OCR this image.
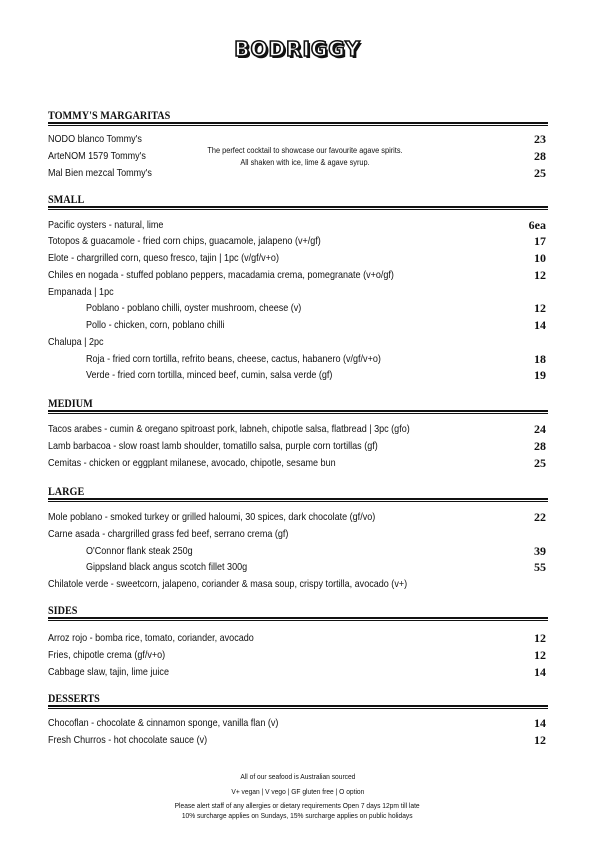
BODRIGGY
TOMMY'S MARGARITAS
NODO blanco Tommy's	23
ArteNOM 1579 Tommy's	28
Mal Bien mezcal Tommy's	25
The perfect cocktail to showcase our favourite agave spirits.
All shaken with ice, lime & agave syrup.
SMALL
Pacific oysters - natural, lime	6ea
Totopos & guacamole - fried corn chips, guacamole, jalapeno (v+/gf)	17
Elote - chargrilled corn, queso fresco, tajin | 1pc (v/gf/v+o)	10
Chiles en nogada - stuffed poblano peppers, macadamia crema, pomegranate (v+o/gf)	12
Empanada | 1pc
Poblano - poblano chilli, oyster mushroom, cheese (v)	12
Pollo - chicken, corn, poblano chilli	14
Chalupa | 2pc
Roja - fried corn tortilla, refrito beans, cheese, cactus, habanero (v/gf/v+o)	18
Verde - fried corn tortilla, minced beef, cumin, salsa verde (gf)	19
MEDIUM
Tacos arabes - cumin & oregano spitroast pork, labneh, chipotle salsa, flatbread | 3pc (gfo)	24
Lamb barbacoa - slow roast lamb shoulder, tomatillo salsa, purple corn tortillas (gf)	28
Cemitas - chicken or eggplant milanese, avocado, chipotle, sesame bun	25
LARGE
Mole poblano - smoked turkey or grilled haloumi, 30 spices, dark chocolate (gf/vo)	22
Carne asada - chargrilled grass fed beef, serrano crema (gf)
O'Connor flank steak 250g	39
Gippsland black angus scotch fillet 300g	55
Chilatole verde - sweetcorn, jalapeno, coriander & masa soup, crispy tortilla, avocado (v+)
SIDES
Arroz rojo - bomba rice, tomato, coriander, avocado	12
Fries, chipotle crema (gf/v+o)	12
Cabbage slaw, tajin, lime juice	14
DESSERTS
Chocoflan - chocolate & cinnamon sponge, vanilla flan (v)	14
Fresh Churros - hot chocolate sauce (v)	12
All of our seafood is Australian sourced
V+ vegan | V vego | GF gluten free | O option
Please alert staff of any allergies or dietary requirements Open 7 days 12pm till late
10% surcharge applies on Sundays, 15% surcharge applies on public holidays
